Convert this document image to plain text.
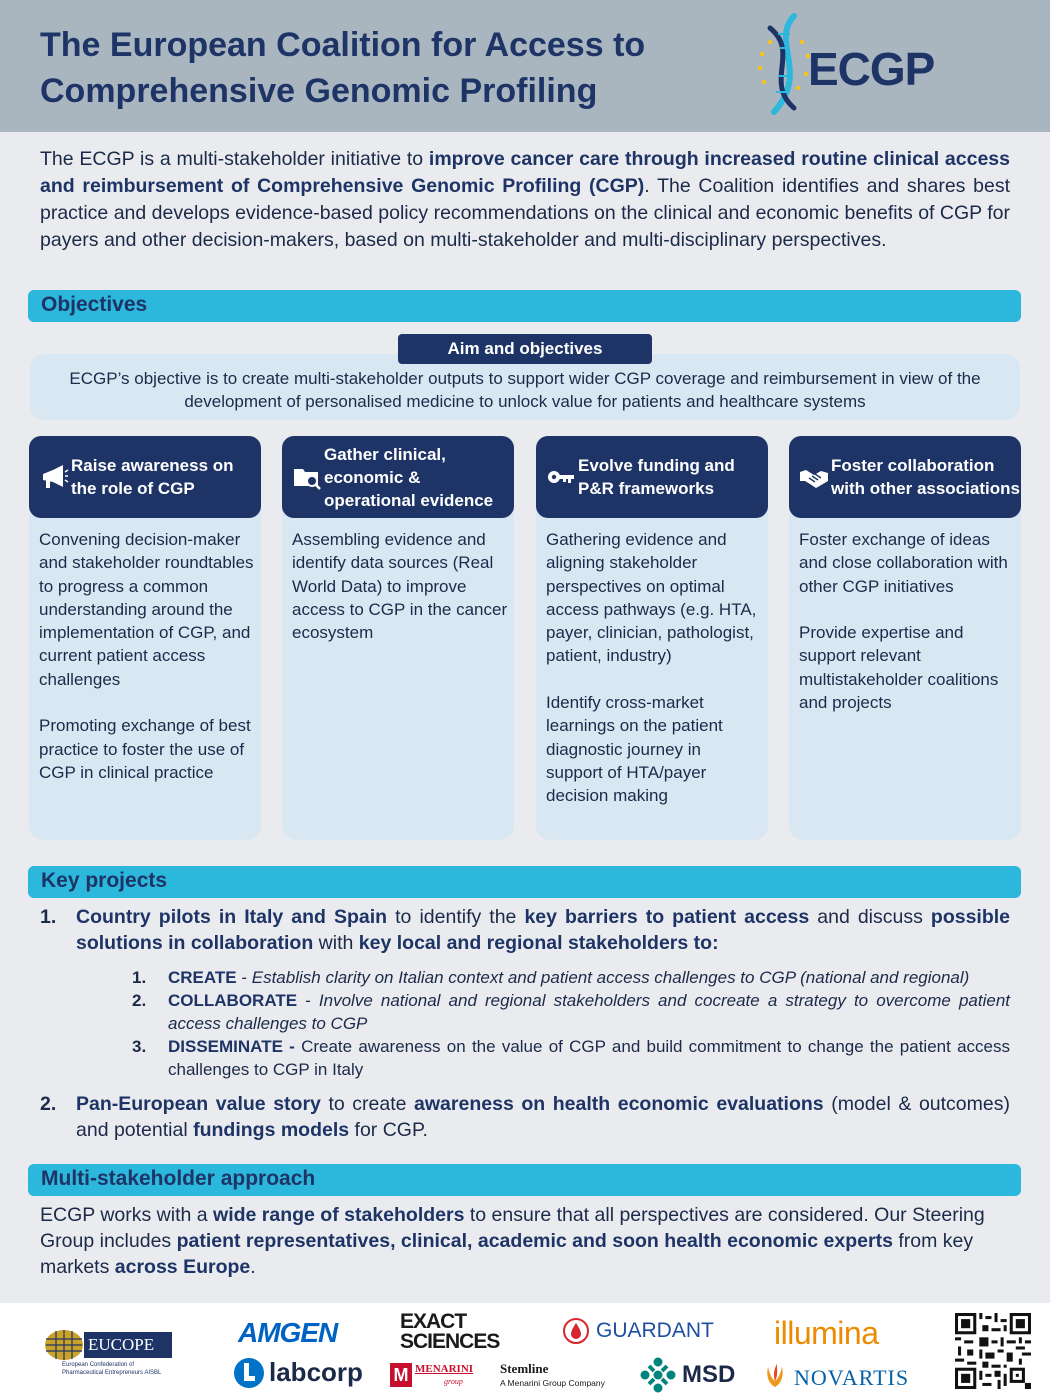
The European Coalition for Access to
Comprehensive Genomic Profiling	ECGP

The ECGP is a multi-stakeholder initiative to improve cancer care through increased routine clinical access and reimbursement of Comprehensive Genomic Profiling (CGP). The Coalition identifies and shares best practice and develops evidence-based policy recommendations on the clinical and economic benefits of CGP for payers and other decision-makers, based on multi-stakeholder and multi-disciplinary perspectives.

Objectives

ECGP’s objective is to create multi-stakeholder outputs to support wider CGP coverage and reimbursement in view of the development of personalised medicine to unlock value for patients and healthcare systems

Aim and objectives
Raise awareness on the role of CGP

Convening decision-maker and stakeholder roundtables to progress a common understanding around the implementation of CGP, and current patient access challenges

Promoting exchange of best practice to foster the use of CGP in clinical practice

Gather clinical, economic & operational evidence

Assembling evidence and identify data sources (Real World Data) to improve access to CGP in the cancer ecosystem

Evolve funding and P&R frameworks

Gathering evidence and aligning stakeholder perspectives on optimal access pathways (e.g. HTA, payer, clinician, pathologist, patient, industry)

Identify cross-market learnings on the patient diagnostic journey in support of HTA/payer decision making

Foster collaboration with other associations

Foster exchange of ideas and close collaboration with other CGP initiatives

Provide expertise and support relevant multistakeholder coalitions and projects

Key projects
1. Country pilots in Italy and Spain to identify the key barriers to patient access and discuss possible solutions in collaboration with key local and regional stakeholders to:
1. CREATE - Establish clarity on Italian context and patient access challenges to CGP (national and regional)
2. COLLABORATE - Involve national and regional stakeholders and cocreate a strategy to overcome patient access challenges to CGP
3. DISSEMINATE - Create awareness on the value of CGP and build commitment to change the patient access challenges to CGP in Italy
2. Pan-European value story to create awareness on health economic evaluations (model & outcomes) and potential fundings models for CGP.
Multi-stakeholder approach

ECGP works with a wide range of stakeholders to ensure that all perspectives are considered. Our Steering Group includes patient representatives, clinical, academic and soon health economic experts from key markets across Europe.

EUCOPE
European Confederation of
Pharmaceutical Entrepreneurs AISBL
AMGEN
labcorp
EXACT
SCIENCES
M MENARINI
group
Stemline
A Menarini Group Company
GUARDANT
MSD
illumina
NOVARTIS
